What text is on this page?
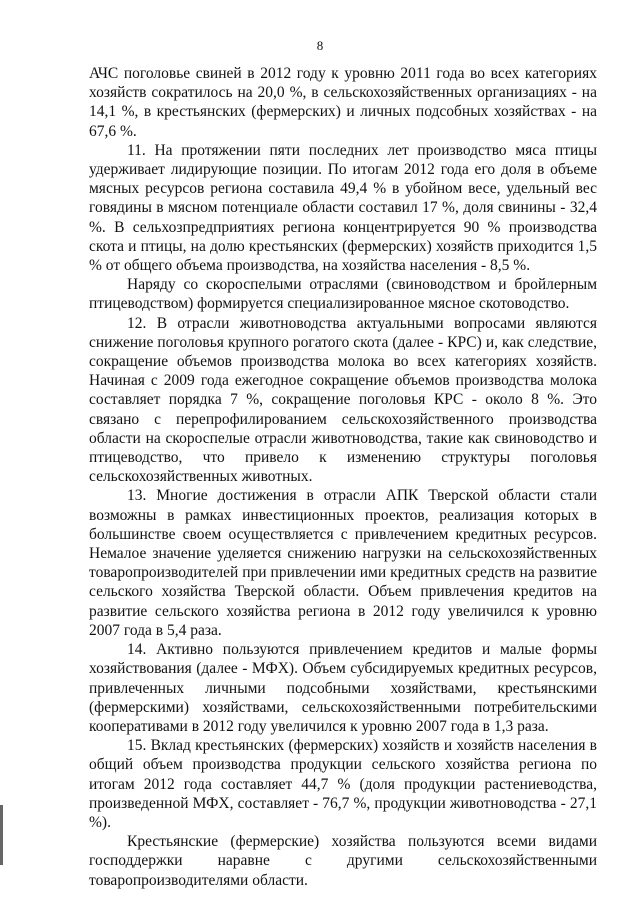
8

АЧС поголовье свиней в 2012 году к уровню 2011 года во всех категориях хозяйств сократилось на 20,0 %, в сельскохозяйственных организациях - на 14,1 %, в крестьянских (фермерских) и личных подсобных хозяйствах - на 67,6 %.

11. На протяжении пяти последних лет производство мяса птицы удерживает лидирующие позиции. По итогам 2012 года его доля в объеме мясных ресурсов региона составила 49,4 % в убойном весе, удельный вес говядины в мясном потенциале области составил 17 %, доля свинины - 32,4 %. В сельхозпредприятиях региона концентрируется 90 % производства скота и птицы, на долю крестьянских (фермерских) хозяйств приходится 1,5 % от общего объема производства, на хозяйства населения - 8,5 %.

Наряду со скороспелыми отраслями (свиноводством и бройлерным птицеводством) формируется специализированное мясное скотоводство.

12. В отрасли животноводства актуальными вопросами являются снижение поголовья крупного рогатого скота (далее - КРС) и, как следствие, сокращение объемов производства молока во всех категориях хозяйств. Начиная с 2009 года ежегодное сокращение объемов производства молока составляет порядка 7 %, сокращение поголовья КРС - около 8 %. Это связано с перепрофилированием сельскохозяйственного производства области на скороспелые отрасли животноводства, такие как свиноводство и птицеводство, что привело к изменению структуры поголовья сельскохозяйственных животных.

13. Многие достижения в отрасли АПК Тверской области стали возможны в рамках инвестиционных проектов, реализация которых в большинстве своем осуществляется с привлечением кредитных ресурсов. Немалое значение уделяется снижению нагрузки на сельскохозяйственных товаропроизводителей при привлечении ими кредитных средств на развитие сельского хозяйства Тверской области. Объем привлечения кредитов на развитие сельского хозяйства региона в 2012 году увеличился к уровню 2007 года в 5,4 раза.

14. Активно пользуются привлечением кредитов и малые формы хозяйствования (далее - МФХ). Объем субсидируемых кредитных ресурсов, привлеченных личными подсобными хозяйствами, крестьянскими (фермерскими) хозяйствами, сельскохозяйственными потребительскими кооперативами в 2012 году увеличился к уровню 2007 года в 1,3 раза.

15. Вклад крестьянских (фермерских) хозяйств и хозяйств населения в общий объем производства продукции сельского хозяйства региона по итогам 2012 года составляет 44,7 % (доля продукции растениеводства, произведенной МФХ, составляет - 76,7 %, продукции животноводства - 27,1 %).

Крестьянские (фермерские) хозяйства пользуются всеми видами господдержки наравне с другими сельскохозяйственными товаропроизводителями области.
